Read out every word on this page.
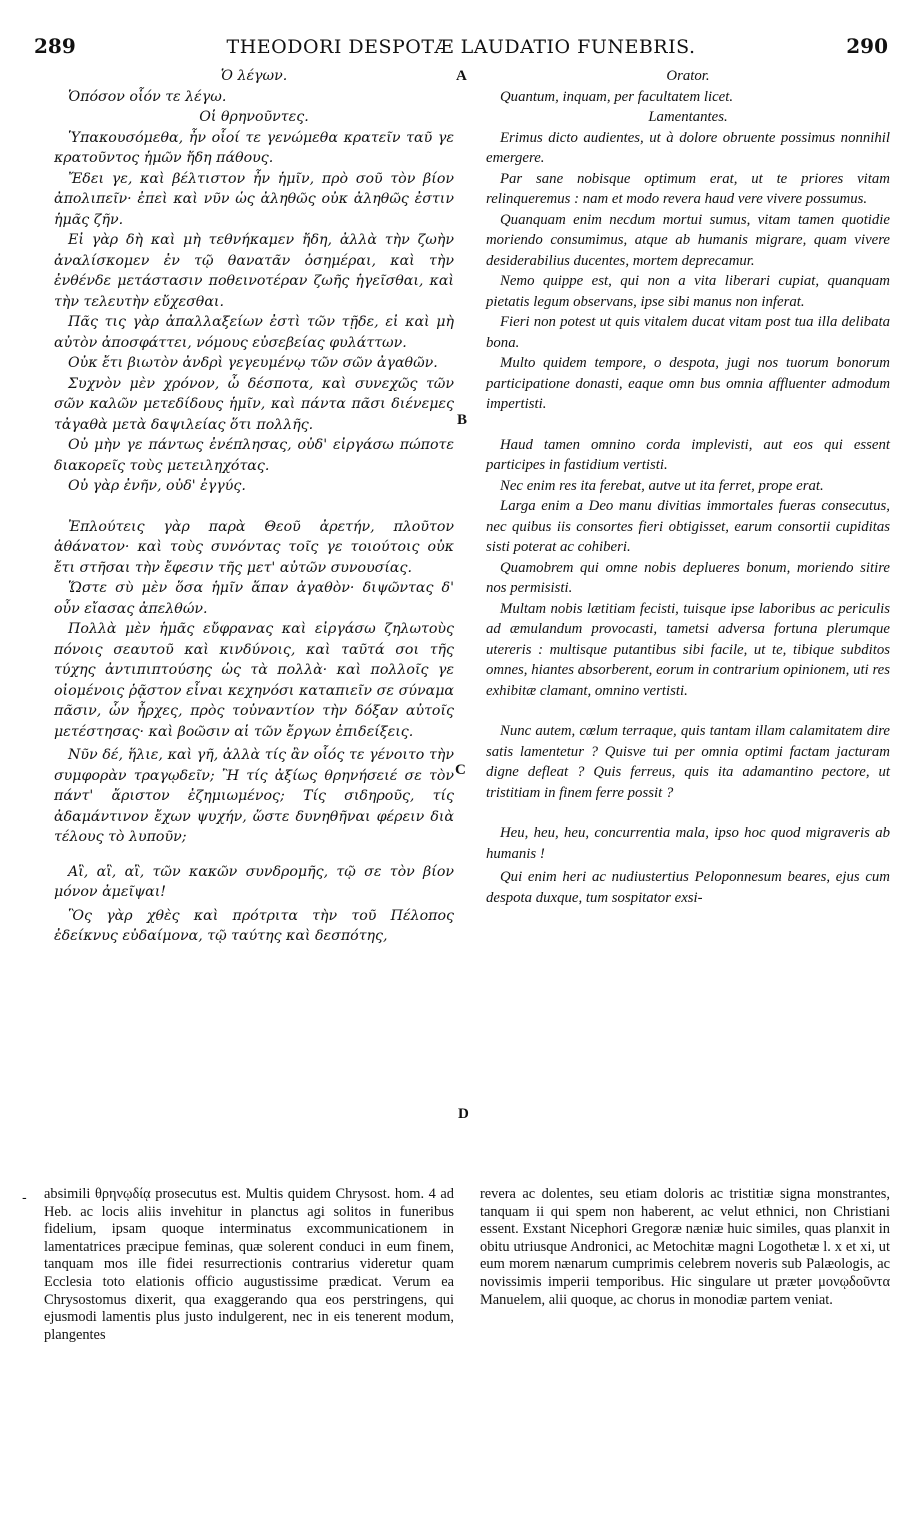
289	THEODORI DESPOTÆ LAUDATIO FUNEBRIS.	290

Ὁ λέγων.

Ὁπόσον οἷόν τε λέγω.

Οἱ θρηνοῦντες.

Ὑπακουσόμεθα, ἦν οἷοί τε γενώμεθα κρατεῖν ταῦ γε κρατοῦντος ἡμῶν ἤδη πάθους.

Ἔδει γε, καὶ βέλτιστον ἦν ἡμῖν, πρὸ σοῦ τὸν βίον ἀπολιπεῖν· ἐπεὶ καὶ νῦν ὡς ἀληθῶς οὐκ ἀληθῶς ἐστιν ἡμᾶς ζῆν.

Εἰ γὰρ δὴ καὶ μὴ τεθνήκαμεν ἤδη, ἀλλὰ τὴν ζωὴν ἀναλίσκομεν ἐν τῷ θανατᾶν ὁσημέραι, καὶ τὴν ἐνθένδε μετάστασιν ποθεινοτέραν ζωῆς ἡγεῖσθαι, καὶ τὴν τελευτὴν εὔχεσθαι.

Πᾶς τις γὰρ ἀπαλλαξείων ἐστὶ τῶν τῇδε, εἰ καὶ μὴ αὐτὸν ἀποσφάττει, νόμους εὐσεβείας φυλάττων.

Οὐκ ἔτι βιωτὸν ἀνδρὶ γεγευμένῳ τῶν σῶν ἀγαθῶν.

Συχνὸν μὲν χρόνον, ὦ δέσποτα, καὶ συνεχῶς τῶν σῶν καλῶν μετεδίδους ἡμῖν, καὶ πάντα πᾶσι διένεμες τἀγαθὰ μετὰ δαψιλείας ὅτι πολλῆς.

Οὐ μὴν γε πάντως ἐνέπλησας, οὐδ' εἰργάσω πώποτε διακορεῖς τοὺς μετειληχότας.

Οὐ γὰρ ἐνῆν, οὐδ' ἐγγύς.

Ἐπλούτεις γὰρ παρὰ Θεοῦ ἀρετήν, πλοῦτον ἀθάνατον· καὶ τοὺς συνόντας τοῖς γε τοιούτοις οὐκ ἔτι στῆσαι τὴν ἔφεσιν τῆς μετ' αὐτῶν συνουσίας.

Ὥστε σὺ μὲν ὅσα ἡμῖν ἅπαν ἀγαθὸν· διψῶντας δ' οὖν εἴασας ἀπελθών.

Πολλὰ μὲν ἡμᾶς εὔφρανας καὶ εἰργάσω ζηλωτοὺς πόνοις σεαυτοῦ καὶ κινδύνοις, καὶ ταῦτά σοι τῆς τύχης ἀντιπιπτούσης ὡς τὰ πολλὰ· καὶ πολλοῖς γε οἰομένοις ῥᾷστον εἶναι κεχηνόσι καταπιεῖν σε σύναμα πᾶσιν, ὧν ἦρχες, πρὸς τοὐναντίον τὴν δόξαν αὐτοῖς μετέστησας· καὶ βοῶσιν αἱ τῶν ἔργων ἐπιδείξεις.

Νῦν δέ, ἥλιε, καὶ γῆ, ἀλλὰ τίς ἂν οἷός τε γένοιτο τὴν συμφορὰν τραγῳδεῖν; Ἢ τίς ἀξίως θρηνήσειέ σε τὸν πάντ' ἄριστον ἐζημιωμένος; Τίς σιδηροῦς, τίς ἀδαμάντινον ἔχων ψυχήν, ὥστε δυνηθῆναι φέρειν διὰ τέλους τὸ λυποῦν;

Αἲ, αἲ, αἲ, τῶν κακῶν συνδρομῆς, τῷ σε τὸν βίον μόνον ἀμεῖψαι!

Ὃς γὰρ χθὲς καὶ πρότριτα τὴν τοῦ Πέλοπος ἐδείκνυς εὐδαίμονα, τῷ ταύτης καὶ δεσπότης,

A
B
C
D

Orator.

Quantum, inquam, per facultatem licet.

Lamentantes.

Erimus dicto audientes, ut à dolore obruente possimus nonnihil emergere.

Par sane nobisque optimum erat, ut te priores vitam relinqueremus : nam et modo revera haud vere vivere possumus.

Quanquam enim necdum mortui sumus, vitam tamen quotidie moriendo consumimus, atque ab humanis migrare, quam vivere desiderabilius ducentes, mortem deprecamur.

Nemo quippe est, qui non a vita liberari cupiat, quanquam pietatis legum observans, ipse sibi manus non inferat.

Fieri non potest ut quis vitalem ducat vitam post tua illa delibata bona.

Multo quidem tempore, o despota, jugi nos tuorum bonorum participatione donasti, eaque omn bus omnia affluenter admodum impertisti.

Haud tamen omnino corda implevisti, aut eos qui essent participes in fastidium vertisti.

Nec enim res ita ferebat, autve ut ita ferret, prope erat.

Larga enim a Deo manu divitias immortales fueras consecutus, nec quibus iis consortes fieri obtigisset, earum consortii cupiditas sisti poterat ac cohiberi.

Quamobrem qui omne nobis deplueres bonum, moriendo sitire nos permisisti.

Multam nobis lætitiam fecisti, tuisque ipse laboribus ac periculis ad æmulandum provocasti, tametsi adversa fortuna plerumque utereris : multisque putantibus sibi facile, ut te, tibique subditos omnes, hiantes absorberent, eorum in contrarium opinionem, uti res exhibitæ clamant, omnino vertisti.

Nunc autem, cœlum terraque, quis tantam illam calamitatem dire satis lamentetur ? Quisve tui per omnia optimi factam jacturam digne defleat ? Quis ferreus, quis ita adamantino pectore, ut tristitiam in finem ferre possit ?

Heu, heu, heu, concurrentia mala, ipso hoc quod migraveris ab humanis !

Qui enim heri ac nudiustertius Peloponnesum beares, ejus cum despota duxque, tum sospitator exsi-

- absimili θρηνῳδίᾳ prosecutus est. Multis quidem Chrysost. hom. 4 ad Heb. ac locis aliis invehitur in planctus agi solitos in funeribus fidelium, ipsam quoque interminatus excommunicationem in lamentatrices præcipue feminas, quæ solerent conduci in eum finem, tanquam mos ille fidei resurrectionis contrarius videretur quam Ecclesia toto elationis officio augustissime prædicat. Verum ea Chrysostomus dixerit, qua exaggerando qua eos perstringens, qui ejusmodi lamentis plus justo indulgerent, nec in eis tenerent modum, plangentes
revera ac dolentes, seu etiam doloris ac tristitiæ signa monstrantes, tanquam ii qui spem non haberent, ac velut ethnici, non Christiani essent. Exstant Nicephori Gregoræ næniæ huic similes, quas planxit in obitu utriusque Andronici, ac Metochitæ magni Logothetæ l. x et xi, ut eum morem nænarum cumprimis celebrem noveris sub Palæologis, ac novissimis imperii temporibus. Hic singulare ut præter μονῳδοῦντα Manuelem, alii quoque, ac chorus in monodiæ partem veniat.
